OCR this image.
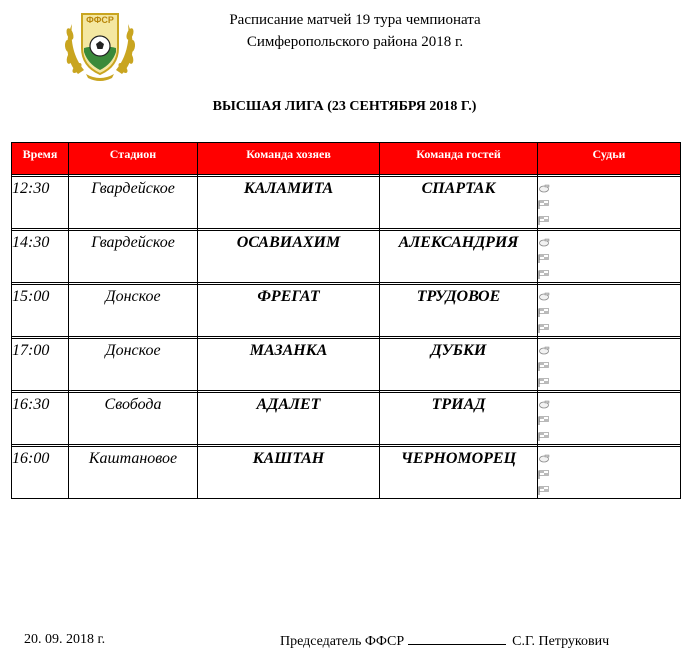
ФФСР	Расписание матчей 19 тура чемпионата
Симферопольского района 2018 г.
ВЫСШАЯ ЛИГА (23 СЕНТЯБРЯ 2018 Г.)
Время	Стадион	Команда хозяев	Команда гостей	Судьи

12:30	Гвардейское	КАЛАМИТА	СПАРТАК	

14:30	Гвардейское	ОСАВИАХИМ	АЛЕКСАНДРИЯ	

15:00	Донское	ФРЕГАТ	ТРУДОВОЕ	

17:00	Донское	МАЗАНКА	ДУБКИ	

16:30	Свобода	АДАЛЕТ	ТРИАД	

16:00	Каштановое	КАШТАН	ЧЕРНОМОРЕЦ	
20. 09. 2018 г.	Председатель ФФСР	С.Г. Петрукович
